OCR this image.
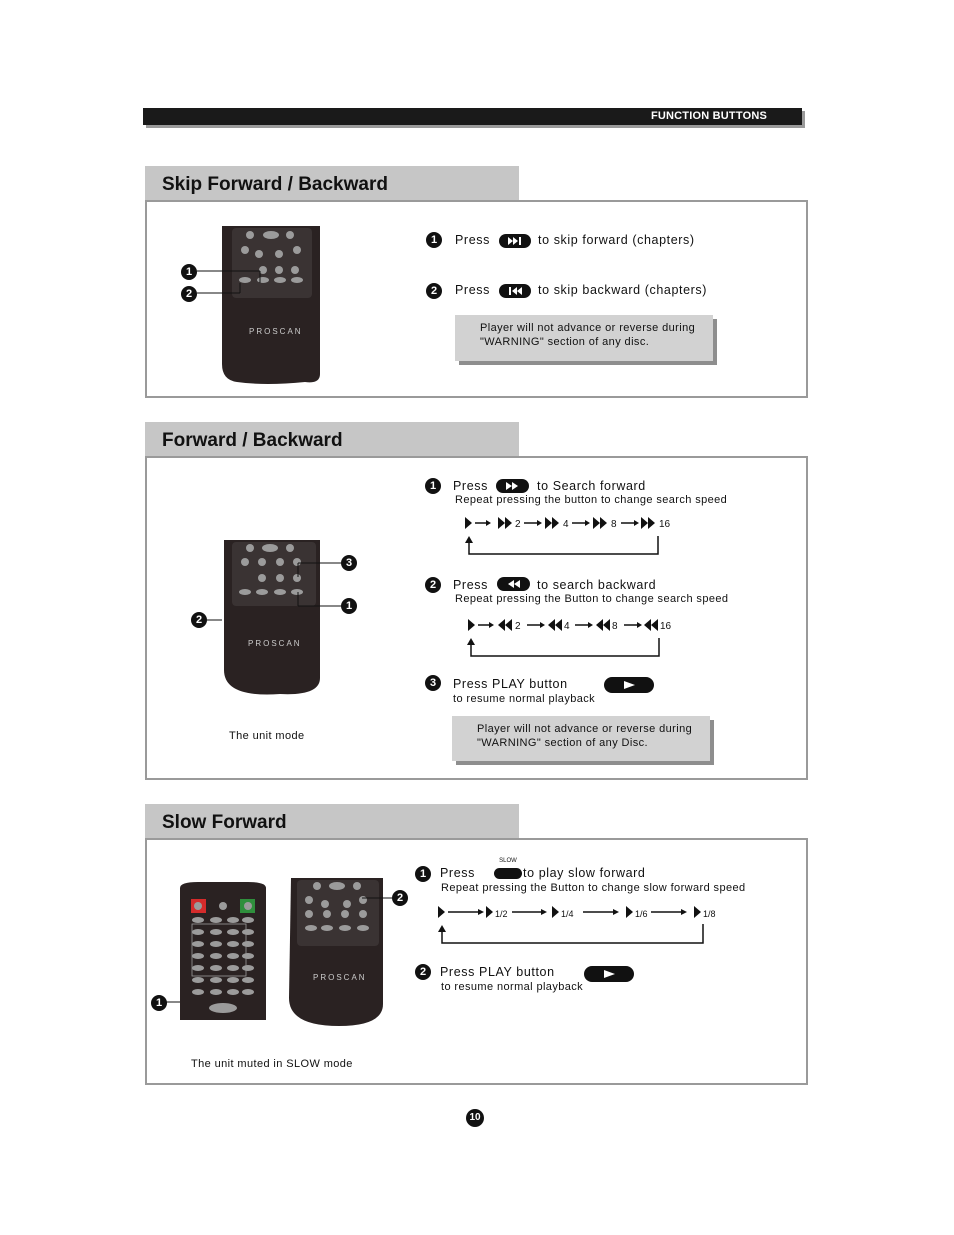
FUNCTION BUTTONS
Skip Forward / Backward
PROSCAN
1
2
1	Press	to skip forward (chapters)
2	Press	to skip backward (chapters)
Player will not advance or reverse during
"WARNING" section of any disc.
Forward / Backward
PROSCAN
2
3
1
The unit mode
1	Press	to Search forward
Repeat pressing the button to change search speed
2	4	8	16
2	Press	to search backward
Repeat pressing the Button to change search speed
2	4	8	16
3	Press PLAY button
to resume normal playback
Player will not advance or reverse during
"WARNING" section of any Disc.
Slow Forward
PROSCAN
1
2
The unit muted in SLOW mode
1	Press
SLOW
to play slow forward
Repeat pressing the Button to change slow forward speed
1/2	1/4	1/6	1/8
2	Press PLAY button
to resume normal playback
10
